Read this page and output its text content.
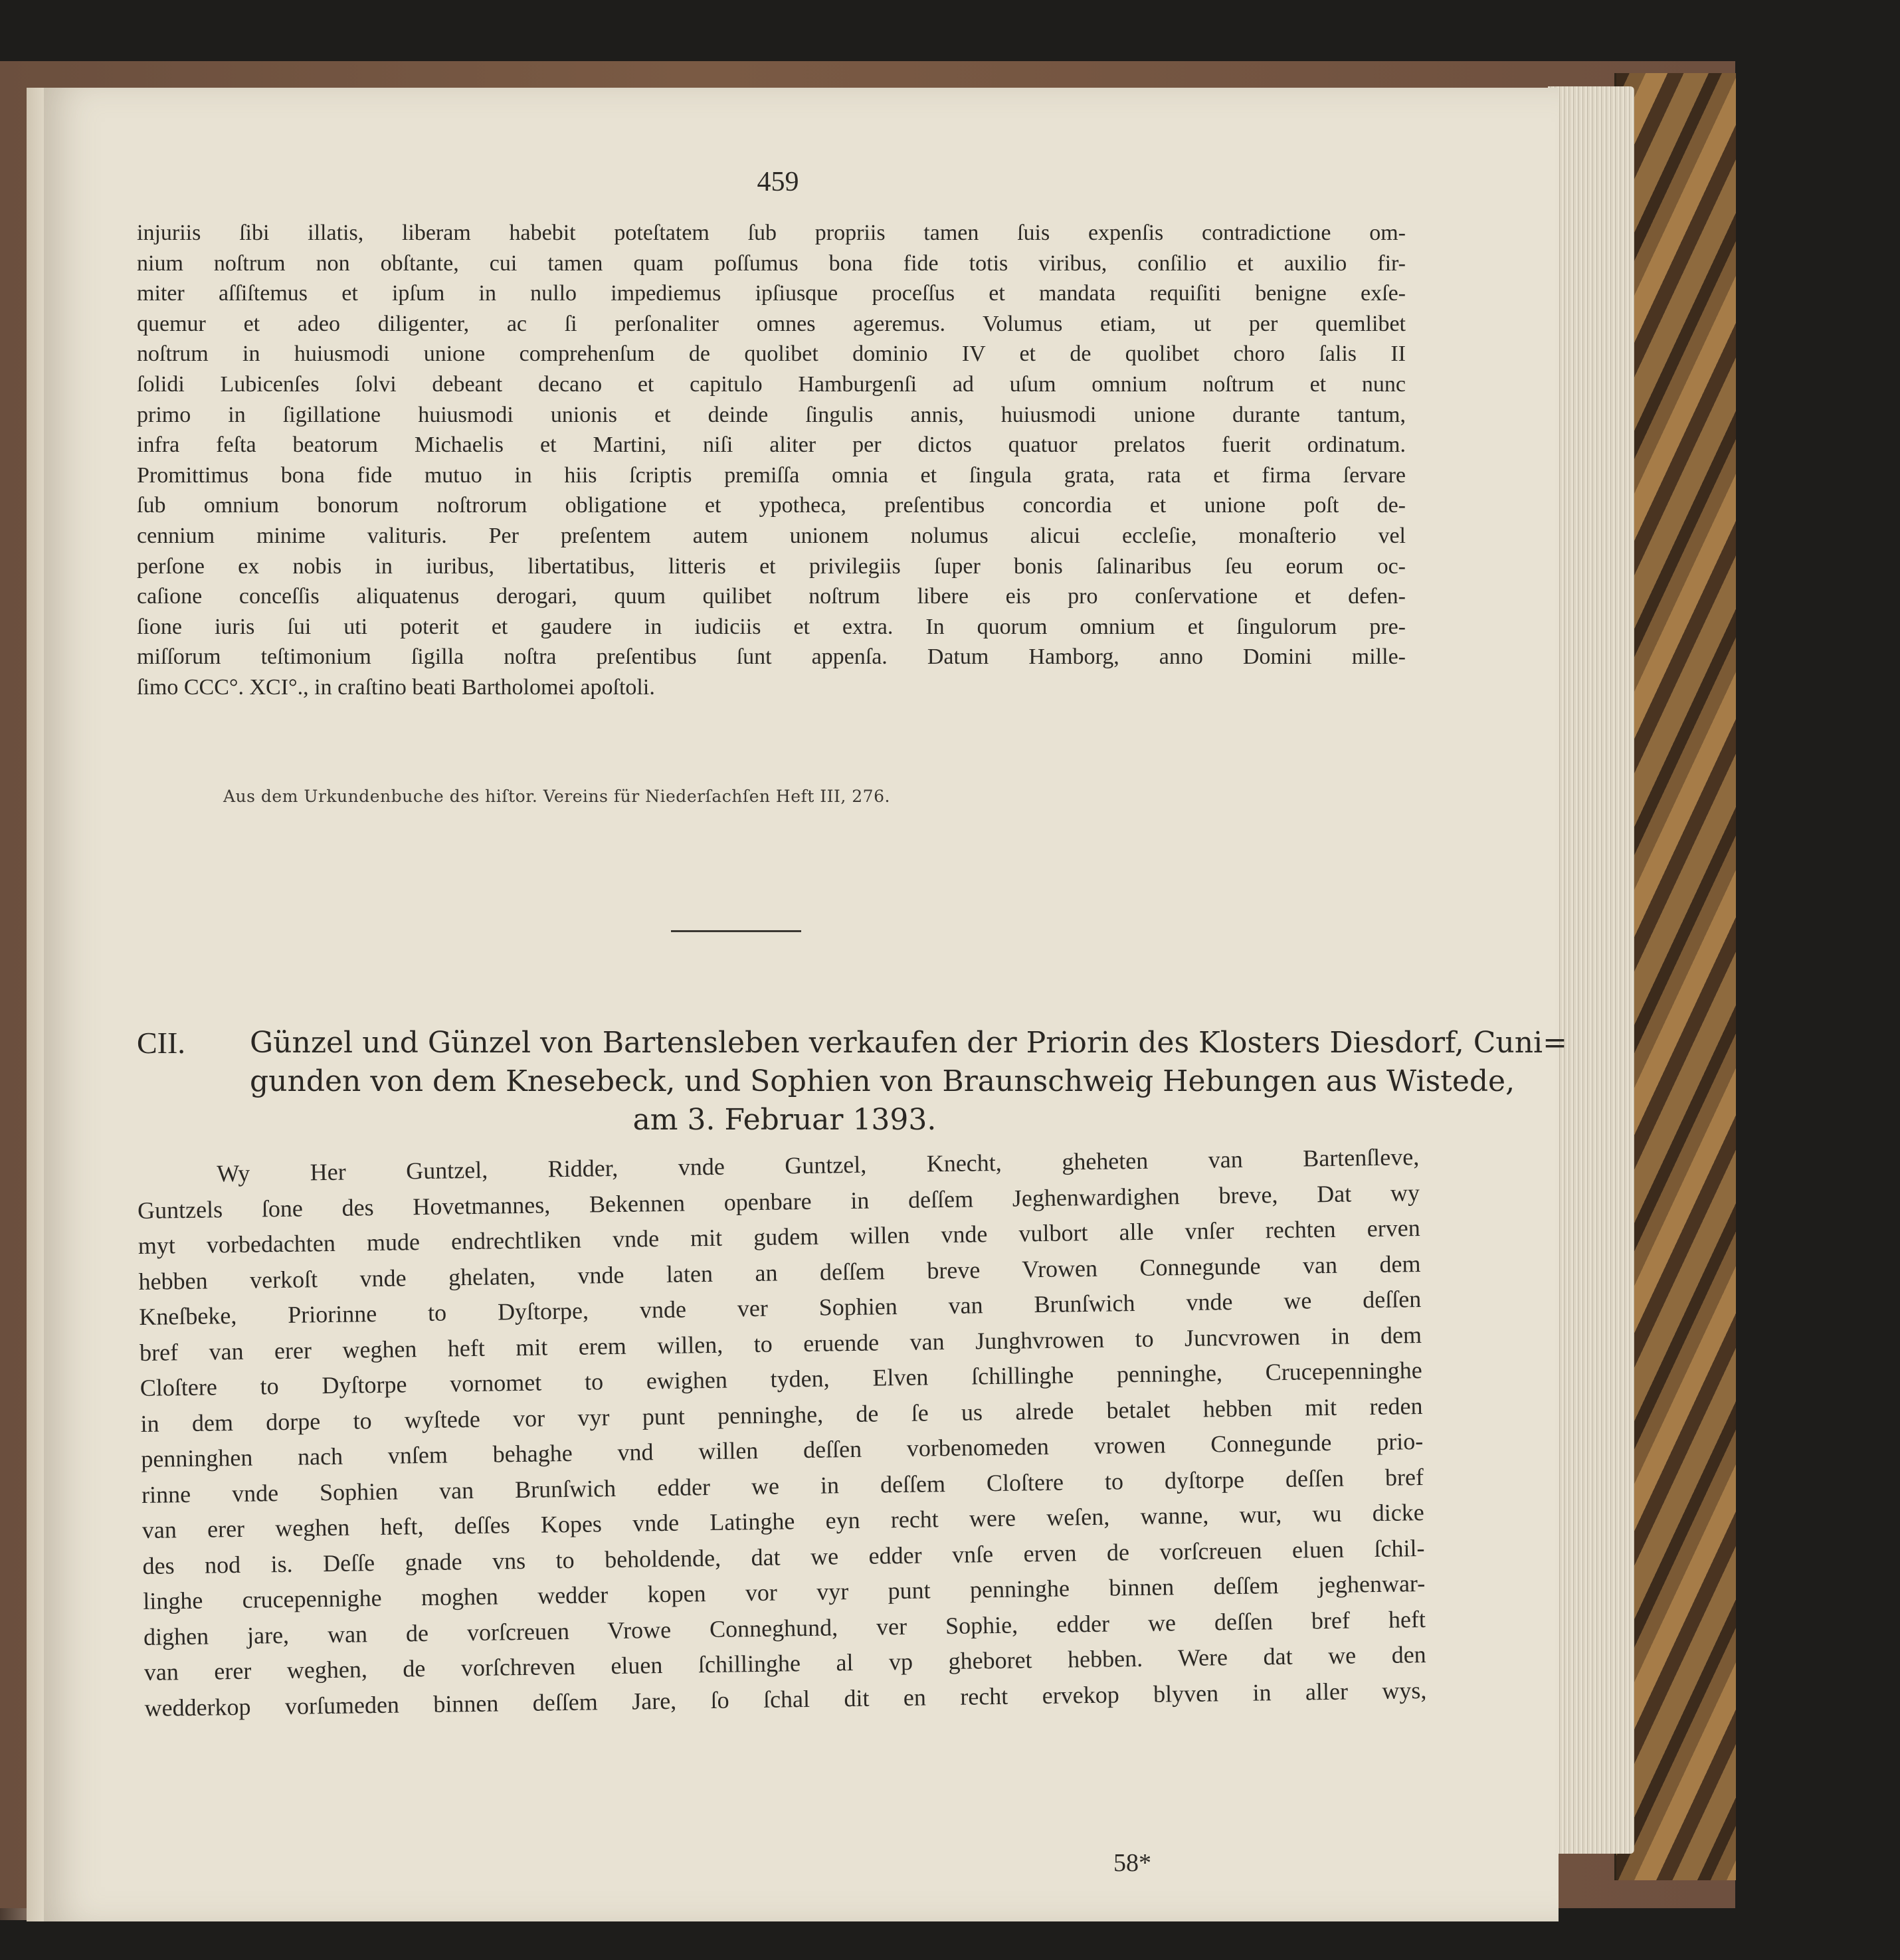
459
injuriis ſibi illatis, liberam habebit poteſtatem ſub propriis tamen ſuis expenſis contradictione om-
nium noſtrum non obſtante, cui tamen quam poſſumus bona fide totis viribus, conſilio et auxilio fir-
miter aſſiſtemus et ipſum in nullo impediemus ipſiusque proceſſus et mandata requiſiti benigne exſe-
quemur et adeo diligenter, ac ſi perſonaliter omnes ageremus. Volumus etiam, ut per quemlibet
noſtrum in huiusmodi unione comprehenſum de quolibet dominio IV et de quolibet choro ſalis II
ſolidi Lubicenſes ſolvi debeant decano et capitulo Hamburgenſi ad uſum omnium noſtrum et nunc
primo in ſigillatione huiusmodi unionis et deinde ſingulis annis, huiusmodi unione durante tantum,
infra feſta beatorum Michaelis et Martini, niſi aliter per dictos quatuor prelatos fuerit ordinatum.
Promittimus bona fide mutuo in hiis ſcriptis premiſſa omnia et ſingula grata, rata et firma ſervare
ſub omnium bonorum noſtrorum obligatione et ypotheca, preſentibus concordia et unione poſt de-
cennium minime valituris. Per preſentem autem unionem nolumus alicui eccleſie, monaſterio vel
perſone ex nobis in iuribus, libertatibus, litteris et privilegiis ſuper bonis ſalinaribus ſeu eorum oc-
caſione conceſſis aliquatenus derogari, quum quilibet noſtrum libere eis pro conſervatione et defen-
ſione iuris ſui uti poterit et gaudere in iudiciis et extra. In quorum omnium et ſingulorum pre-
miſſorum teſtimonium ſigilla noſtra preſentibus ſunt appenſa. Datum Hamborg, anno Domini mille-
ſimo CCC°. XCI°., in craſtino beati Bartholomei apoſtoli.
Aus dem Urkundenbuche des hiſtor. Vereins für Niederſachſen Heft III, 276.
CII. Günzel und Günzel von Bartensleben verkaufen der Priorin des Klosters Diesdorf, Cuni=
gunden von dem Knesebeck, und Sophien von Braunschweig Hebungen aus Wistede,
am 3. Februar 1393.
Wy Her Guntzel, Ridder, vnde Guntzel, Knecht, gheheten van Bartenſleve,
Guntzels ſone des Hovetmannes, Bekennen openbare in deſſem Jeghenwardighen breve, Dat wy
myt vorbedachten mude endrechtliken vnde mit gudem willen vnde vulbort alle vnſer rechten erven
hebben verkoſt vnde ghelaten, vnde laten an deſſem breve Vrowen Connegunde van dem
Kneſbeke, Priorinne to Dyſtorpe, vnde ver Sophien van Brunſwich vnde we deſſen
bref van erer weghen heft mit erem willen, to eruende van Junghvrowen to Juncvrowen in dem
Cloſtere to Dyſtorpe vornomet to ewighen tyden, Elven ſchillinghe penninghe, Crucepenninghe
in dem dorpe to wyſtede vor vyr punt penninghe, de ſe us alrede betalet hebben mit reden
penninghen nach vnſem behaghe vnd willen deſſen vorbenomeden vrowen Connegunde prio-
rinne vnde Sophien van Brunſwich edder we in deſſem Cloſtere to dyſtorpe deſſen bref
van erer weghen heft, deſſes Kopes vnde Latinghe eyn recht were weſen, wanne, wur, wu dicke
des nod is. Deſſe gnade vns to beholdende, dat we edder vnſe erven de vorſcreuen eluen ſchil-
linghe crucepennighe moghen wedder kopen vor vyr punt penninghe binnen deſſem jeghenwar-
dighen jare, wan de vorſcreuen Vrowe Conneghund, ver Sophie, edder we deſſen bref heft
van erer weghen, de vorſchreven eluen ſchillinghe al vp gheboret hebben. Were dat we den
wedderkop vorſumeden binnen deſſem Jare, ſo ſchal dit en recht ervekop blyven in aller wys,
58*
